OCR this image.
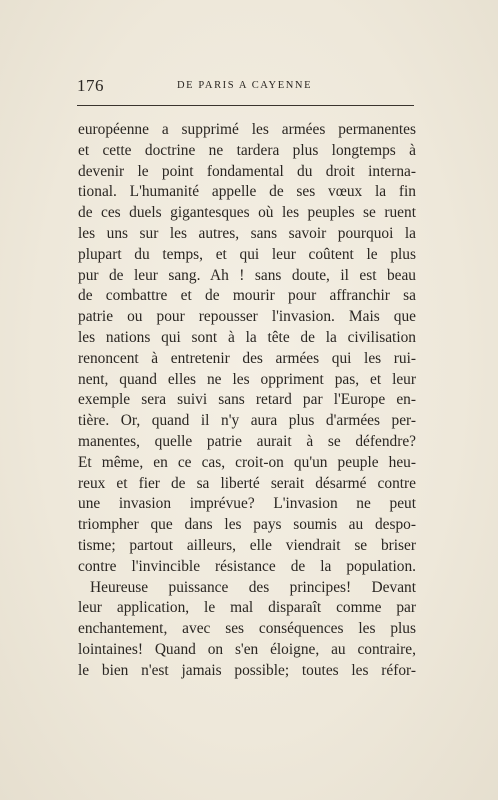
176	DE PARIS A CAYENNE
européenne a supprimé les armées permanentes
et cette doctrine ne tardera plus longtemps à
devenir le point fondamental du droit interna-
tional. L'humanité appelle de ses vœux la fin
de ces duels gigantesques où les peuples se ruent
les uns sur les autres, sans savoir pourquoi la
plupart du temps, et qui leur coûtent le plus
pur de leur sang. Ah ! sans doute, il est beau
de combattre et de mourir pour affranchir sa
patrie ou pour repousser l'invasion. Mais que
les nations qui sont à la tête de la civilisation
renoncent à entretenir des armées qui les rui-
nent, quand elles ne les oppriment pas, et leur
exemple sera suivi sans retard par l'Europe en-
tière. Or, quand il n'y aura plus d'armées per-
manentes, quelle patrie aurait à se défendre?
Et même, en ce cas, croit-on qu'un peuple heu-
reux et fier de sa liberté serait désarmé contre
une invasion imprévue? L'invasion ne peut
triompher que dans les pays soumis au despo-
tisme; partout ailleurs, elle viendrait se briser
contre l'invincible résistance de la population.
Heureuse puissance des principes! Devant
leur application, le mal disparaît comme par
enchantement, avec ses conséquences les plus
lointaines! Quand on s'en éloigne, au contraire,
le bien n'est jamais possible; toutes les réfor-
